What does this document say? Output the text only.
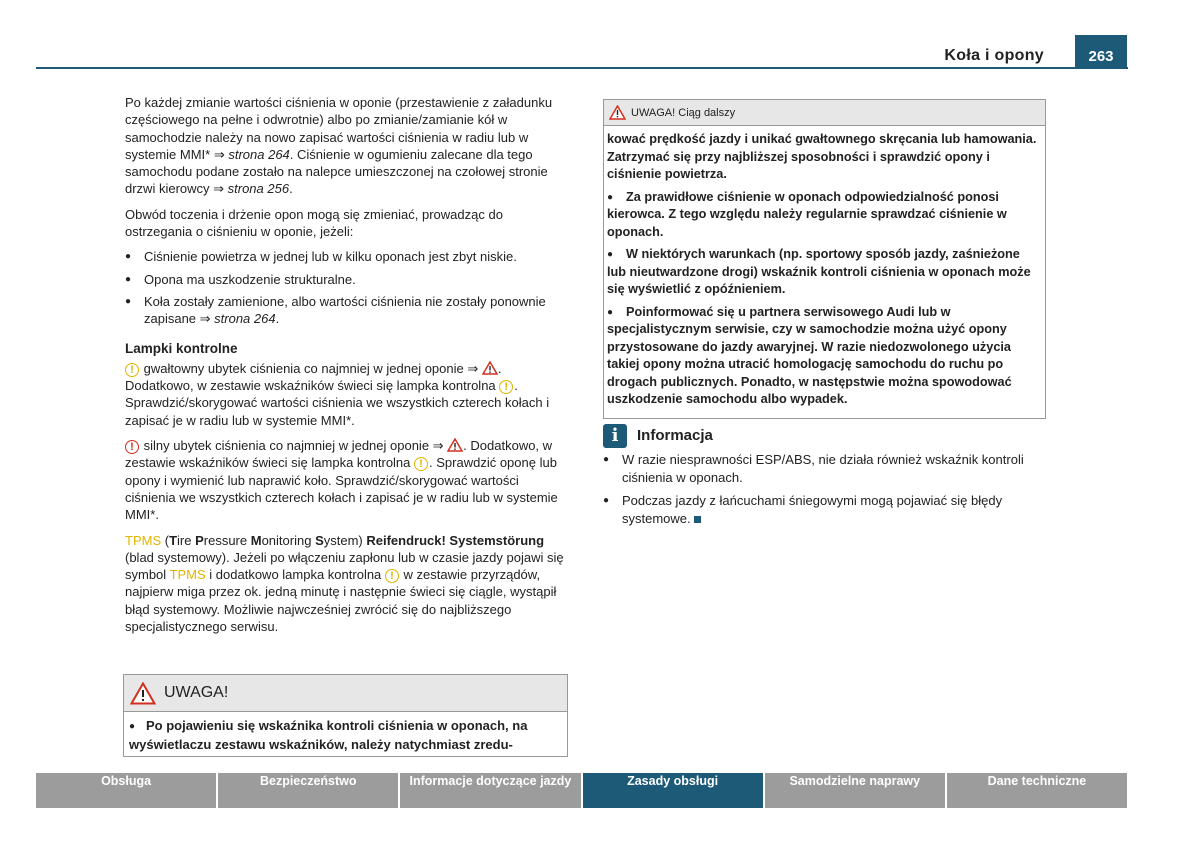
Koła i opony	263

Po każdej zmianie wartości ciśnienia w oponie (przestawienie z załadunku częściowego na pełne i odwrotnie) albo po zmianie/zamianie kół w samochodzie należy na nowo zapisać wartości ciśnienia w radiu lub w systemie MMI* ⇒ strona 264. Ciśnienie w ogumieniu zalecane dla tego samochodu podane zostało na nalepce umieszczonej na czołowej stronie drzwi kierowcy ⇒ strona 256.

Obwód toczenia i drżenie opon mogą się zmieniać, prowadząc do ostrzegania o ciśnieniu w oponie, jeżeli:

● Ciśnienie powietrza w jednej lub w kilku oponach jest zbyt niskie.
● Opona ma uszkodzenie strukturalne.
● Koła zostały zamienione, albo wartości ciśnienia nie zostały ponownie zapisane ⇒ strona 264.
Lampki kontrolne

! gwałtowny ubytek ciśnienia co najmniej w jednej oponie ⇒ . Dodatkowo, w zestawie wskaźników świeci się lampka kontrolna ! . Sprawdzić/skorygować wartości ciśnienia we wszystkich czterech kołach i zapisać je w radiu lub w systemie MMI*.

! silny ubytek ciśnienia co najmniej w jednej oponie ⇒ . Dodatkowo, w zestawie wskaźników świeci się lampka kontrolna ! . Sprawdzić oponę lub opony i wymienić lub naprawić koło. Sprawdzić/skorygować wartości ciśnienia we wszystkich czterech kołach i zapisać je w radiu lub w systemie MMI*.

TPMS (Tire Pressure Monitoring System) Reifendruck! Systemstörung (blad systemowy). Jeżeli po włączeniu zapłonu lub w czasie jazdy pojawi się symbol TPMS i dodatkowo lampka kontrolna ! w zestawie przyrządów, najpierw miga przez ok. jedną minutę i następnie świeci się ciągle, wystąpił błąd systemowy. Możliwie najwcześniej zwrócić się do najbliższego specjalistycznego serwisu.

UWAGA!
● Po pojawieniu się wskaźnika kontroli ciśnienia w oponach, na wyświetlaczu zestawu wskaźników, należy natychmiast zredu-
UWAGA! Ciąg dalszy

kować prędkość jazdy i unikać gwałtownego skręcania lub hamowania. Zatrzymać się przy najbliższej sposobności i sprawdzić opony i ciśnienie powietrza.

● Za prawidłowe ciśnienie w oponach odpowiedzialność ponosi kierowca. Z tego względu należy regularnie sprawdzać ciśnienie w oponach.

● W niektórych warunkach (np. sportowy sposób jazdy, zaśnieżone lub nieutwardzone drogi) wskaźnik kontroli ciśnienia w oponach może się wyświetlić z opóźnieniem.

● Poinformować się u partnera serwisowego Audi lub w specjalistycznym serwisie, czy w samochodzie można użyć opony przystosowane do jazdy awaryjnej. W razie niedozwolonego użycia takiej opony można utracić homologację samochodu do ruchu po drogach publicznych. Ponadto, w następstwie można spowodować uszkodzenie samochodu albo wypadek.

i	Informacja
● W razie niesprawności ESP/ABS, nie działa również wskaźnik kontroli ciśnienia w oponach.
● Podczas jazdy z łańcuchami śniegowymi mogą pojawiać się błędy systemowe.
Obsługa	Bezpieczeństwo	Informacje dotyczące jazdy	Zasady obsługi	Samodzielne naprawy	Dane techniczne
